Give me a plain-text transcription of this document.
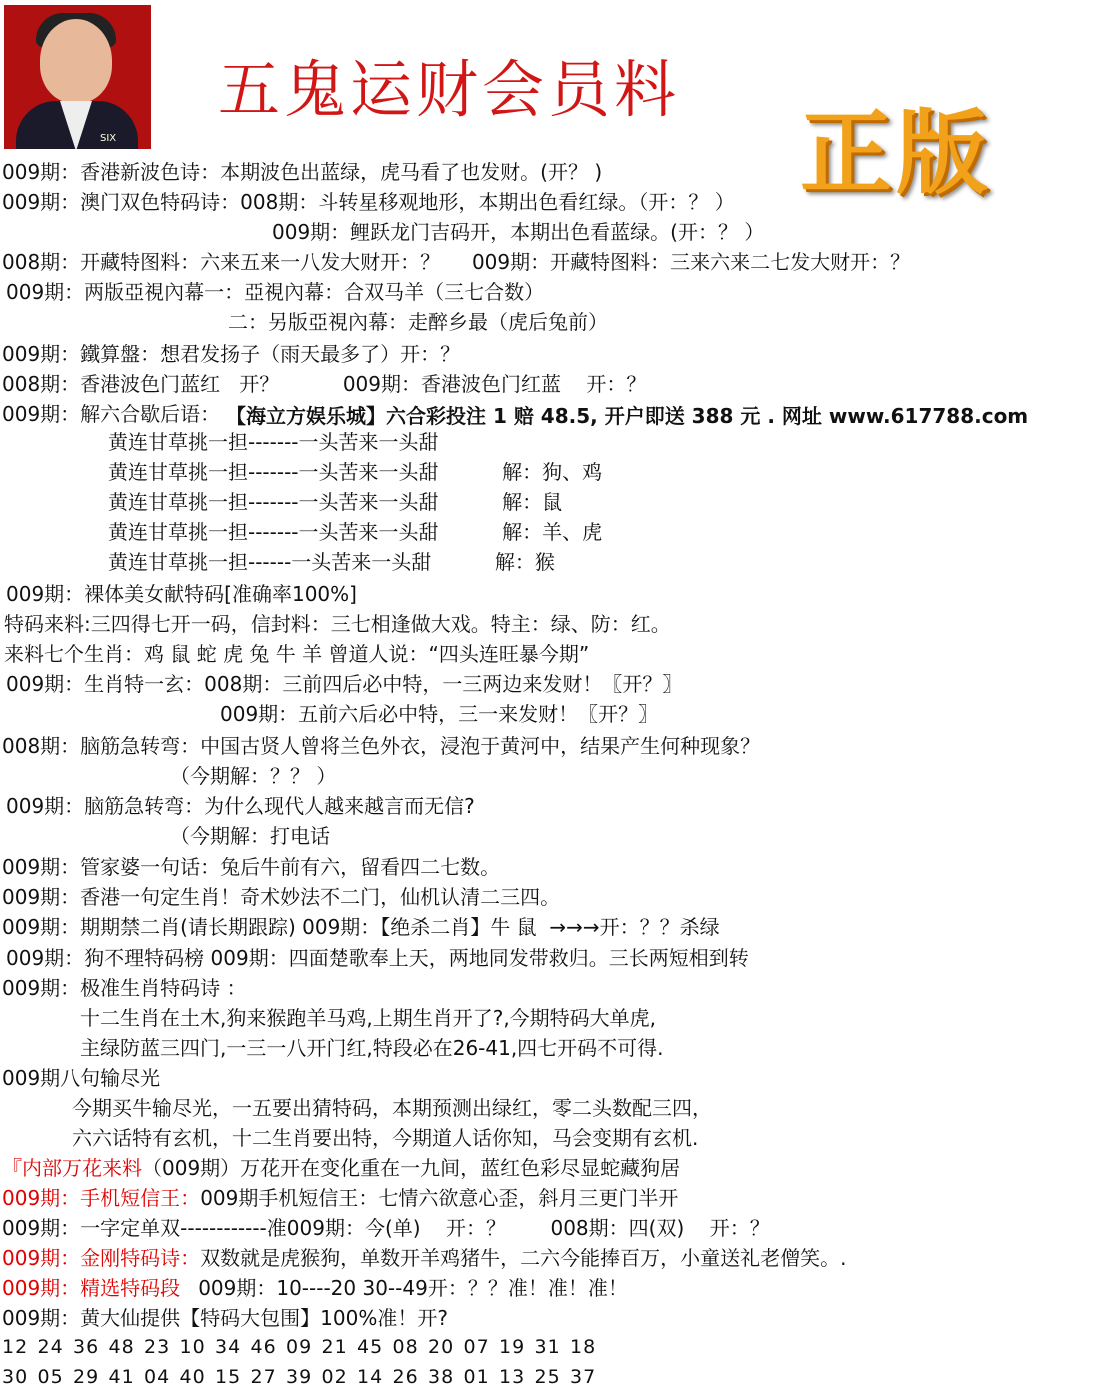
SIX
五鬼运财会员料
正版
009期：香港新波色诗：本期波色出蓝绿，虎马看了也发财。(开？ )
009期：澳门双色特码诗：008期：斗转星移观地形，本期出色看红绿。（开：？ ）
009期：鲤跃龙门吉码开，本期出色看蓝绿。(开：？ ）
008期：开藏特图料：六来五来一八发大财开：？     009期：开藏特图料：三来六来二七发大财开：？
009期：两版亞視內幕一：亞視內幕：合双马羊（三七合数）
二：另版亞視內幕：走醉乡最（虎后兔前）
009期：鐵算盤：想君发扬子（雨天最多了）开：？
008期：香港波色门蓝红   开？          009期：香港波色门红蓝    开：？
009期：解六合歇后语： 【海立方娱乐城】六合彩投注 1 赔 48.5, 开户即送 388 元 . 网址 www.617788.com
黄连甘草挑一担-------一头苦来一头甜
黄连甘草挑一担-------一头苦来一头甜          解：狗、鸡
黄连甘草挑一担-------一头苦来一头甜          解：鼠
黄连甘草挑一担-------一头苦来一头甜          解：羊、虎
黄连甘草挑一担------一头苦来一头甜          解：猴
009期：裸体美女献特码[准确率100%]
特码来料:三四得七开一码，信封料：三七相逢做大戏。特主：绿、防：红。
来料七个生肖：鸡 鼠 蛇 虎 兔 牛 羊 曾道人说：“四头连旺暴今期”
009期：生肖特一玄：008期：三前四后必中特，一三两边来发财！〖开？〗
009期：五前六后必中特，三一来发财！〖开？〗
008期：脑筋急转弯：中国古贤人曾将兰色外衣，浸泡于黄河中，结果产生何种现象？
（今期解：？？ ）
009期：脑筋急转弯：为什么现代人越来越言而无信?
（今期解：打电话
009期：管家婆一句话：兔后牛前有六，留看四二七数。
009期：香港一句定生肖！奇术妙法不二门，仙机认清二三四。
009期：期期禁二肖(请长期跟踪) 009期：【绝杀二肖】牛 鼠  →→→开：？？杀绿
009期：狗不理特码榜 009期：四面楚歌奉上天，两地同发带救归。三长两短相到转
009期：极准生肖特码诗 ：
十二生肖在土木,狗来猴跑羊马鸡,上期生肖开了?,今期特码大单虎,
主绿防蓝三四门,一三一八开门红,特段必在26-41,四七开码不可得.
009期八句输尽光
今期买牛输尽光，一五要出猜特码，本期预测出绿红，零二头数配三四，
六六话特有玄机，十二生肖要出特，今期道人话你知，马会变期有玄机.
『内部万花来料（009期）万花开在变化重在一九间，蓝红色彩尽显蛇藏狗居
009期：手机短信王：009期手机短信王：七情六欲意心歪，斜月三更门半开
009期：一字定单双------------准009期：今(单)    开：？       008期：四(双)    开：？
009期：金刚特码诗：双数就是虎猴狗，单数开羊鸡猪牛，二六今能捧百万，小童送礼老僧笑。.
009期：精选特码段 009期：10----20 30--49开：？？准！准！准！
009期：黄大仙提供【特码大包围】100%准！开?
12 24 36 48 23 10 34 46 09 21 45 08 20 07 19 31 18
30 05 29 41 04 40 15 27 39 02 14 26 38 01 13 25 37
